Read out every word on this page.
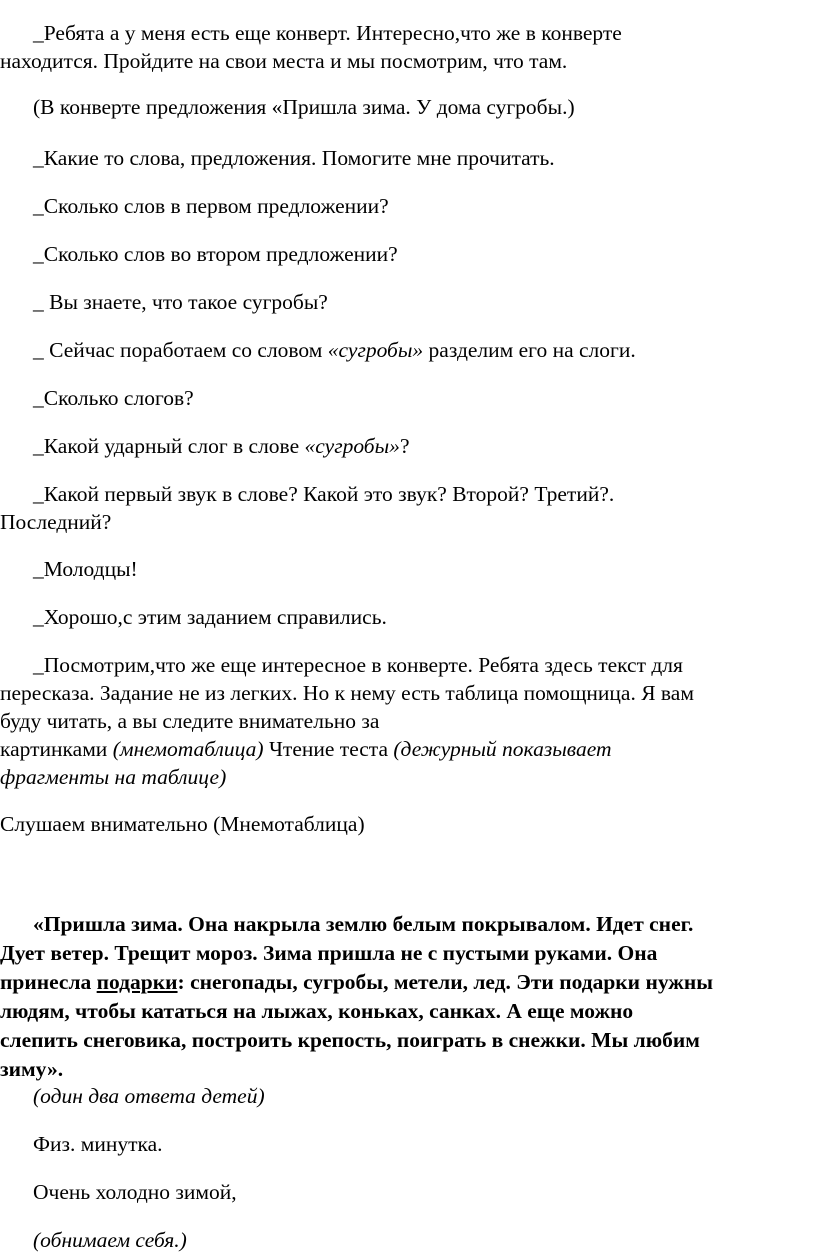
_Ребята а у меня есть еще конверт. Интересно,что же в конверте
находится. Пройдите на свои места и мы посмотрим, что там.
(В конверте предложения «Пришла зима. У дома сугробы.)
_Какие то слова, предложения. Помогите мне прочитать.
_Сколько слов в первом предложении?
_Сколько слов во втором предложении?
_ Вы знаете, что такое сугробы?
_ Сейчас поработаем со словом «сугробы» разделим его на слоги.
_Сколько слогов?
_Какой ударный слог в слове «сугробы»?
_Какой первый звук в слове? Какой это звук? Второй? Третий?.
Последний?
_Молодцы!
_Хорошо,с этим заданием справились.
_Посмотрим,что же еще интересное в конверте. Ребята здесь текст для
пересказа. Задание не из легких. Но к нему есть таблица помощница. Я вам
буду читать, а вы следите внимательно за
картинками (мнемотаблица) Чтение теста (дежурный показывает
фрагменты на таблице)
Слушаем внимательно (Мнемотаблица)
«Пришла зима. Она накрыла землю белым покрывалом. Идет снег.
Дует ветер. Трещит мороз. Зима пришла не с пустыми руками. Она
принесла подарки: снегопады, сугробы, метели, лед. Эти подарки нужны
людям, чтобы кататься на лыжах, коньках, санках. А еще можно
слепить снеговика, построить крепость, поиграть в снежки. Мы любим
зиму».
(один два ответа детей)
Физ. минутка.
Очень холодно зимой,
(обнимаем себя.)
